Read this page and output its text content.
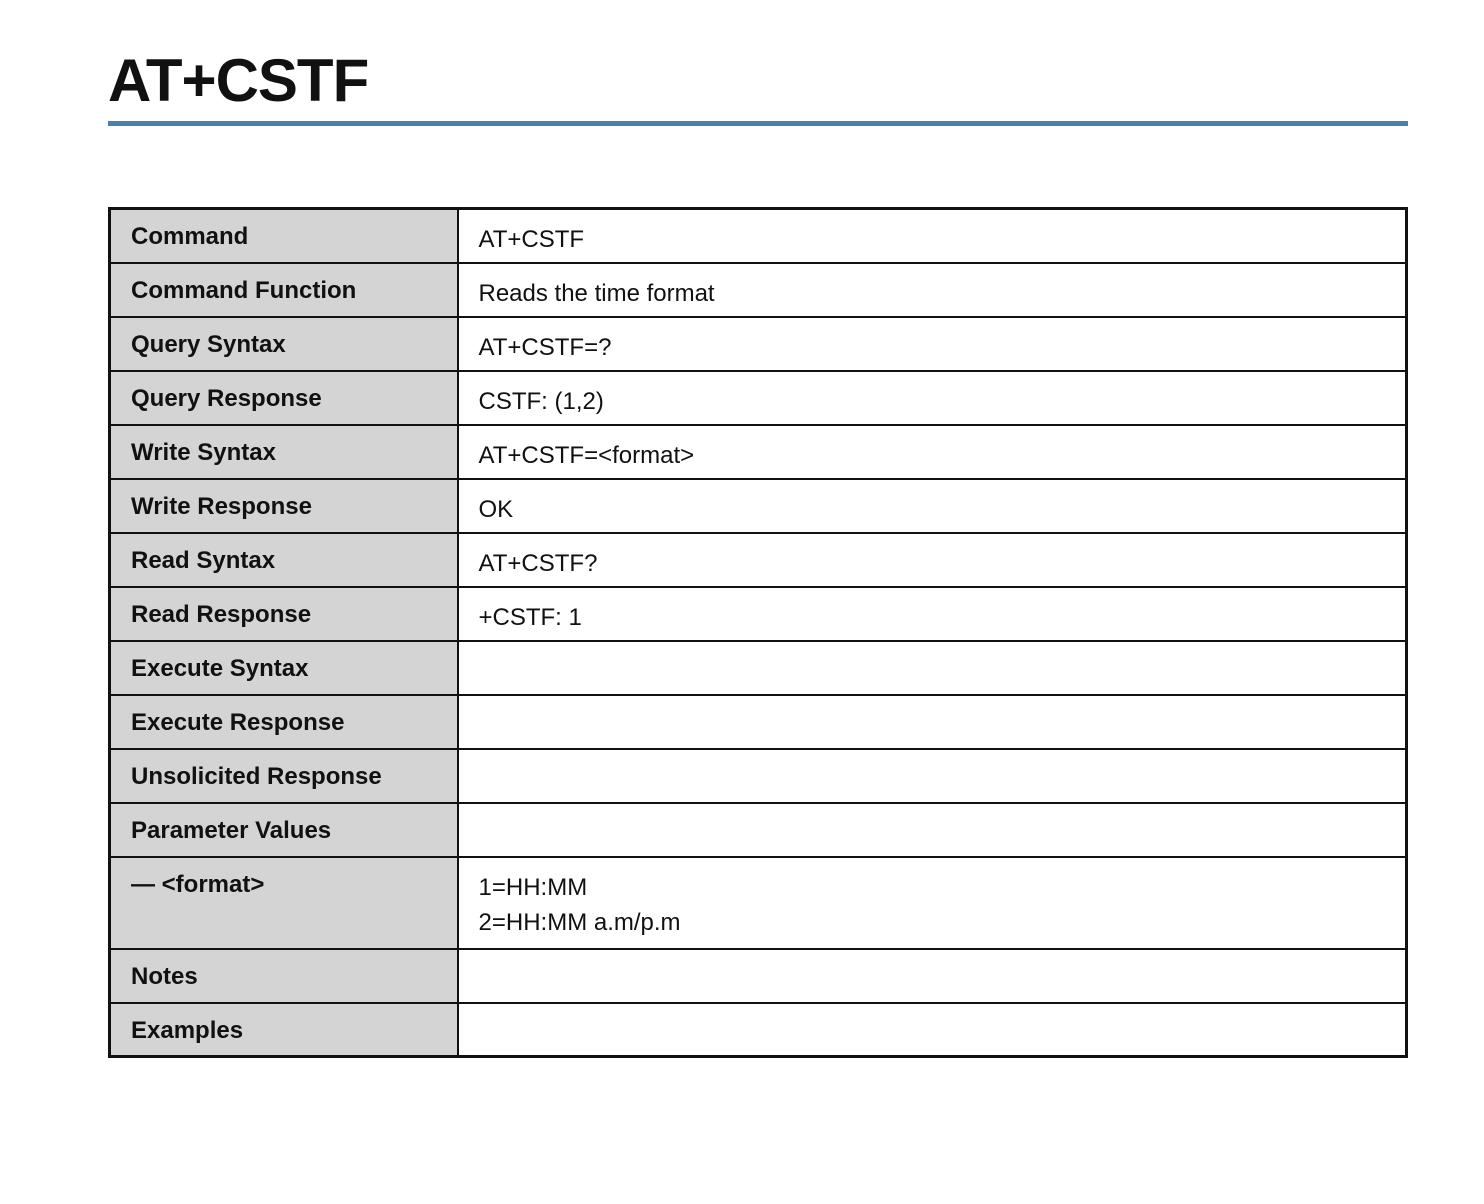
AT+CSTF
Command	AT+CSTF
Command Function	Reads the time format
Query Syntax	AT+CSTF=?
Query Response	CSTF: (1,2)
Write Syntax	AT+CSTF=<format>
Write Response	OK
Read Syntax	AT+CSTF?
Read Response	+CSTF: 1
Execute Syntax	
Execute Response	
Unsolicited Response	
Parameter Values	
— <format>	1=HH:MM
2=HH:MM a.m/p.m

Notes	
Examples	
